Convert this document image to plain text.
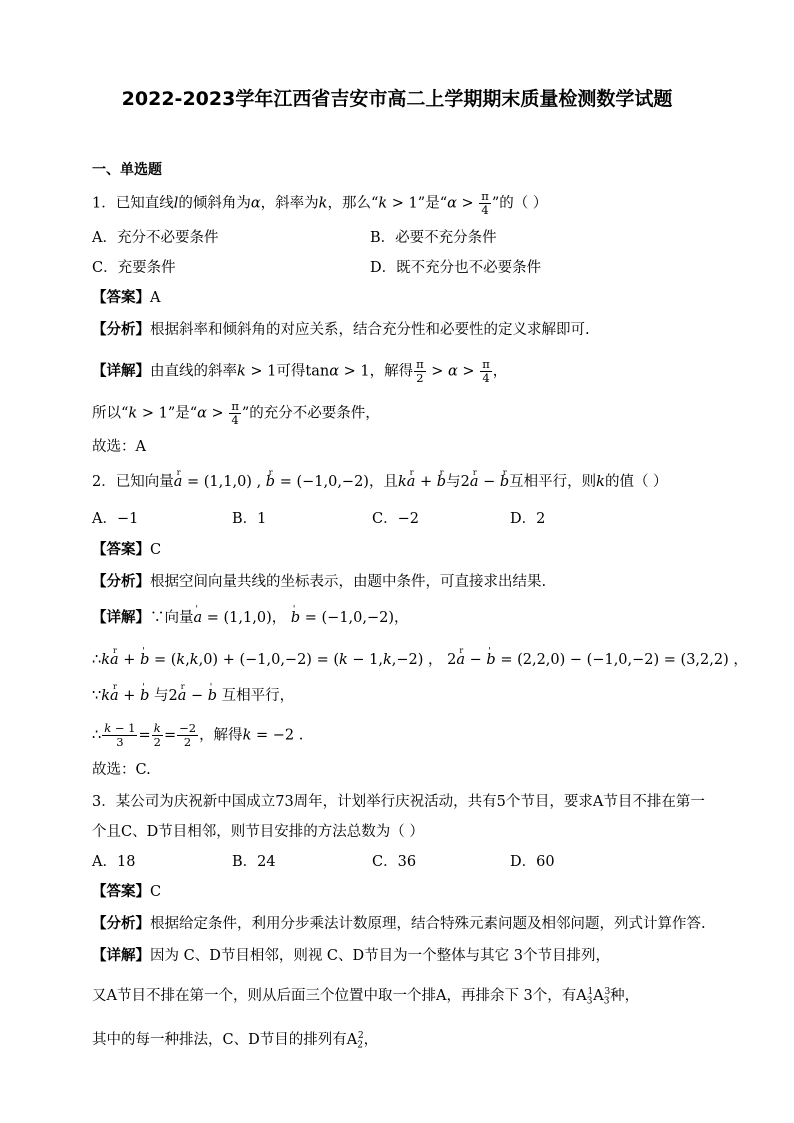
2022-2023学年江西省吉安市高二上学期期末质量检测数学试题
一、单选题
1．已知直线l的倾斜角为α，斜率为k，那么“k > 1”是“$\alpha > \frac{\pi}{4}$ ”的（ ）
A．充分不必要条件	B．必要不充分条件
C．充要条件	D．既不充分也不必要条件
【答案】A
【分析】根据斜率和倾斜角的对应关系，结合充分性和必要性的定义求解即可.
【详解】由直线的斜率k > 1可得tanα > 1，解得 $\frac{\pi}{2} > \alpha > \frac{\pi}{4}$ ，
所以“k > 1”是“$\alpha > \frac{\pi}{4}$ ”的充分不必要条件，
故选：A
2．已知向量r a = (1,1,0) , r b = (−1,0,−2)，且kr a + r b与2r a − r b互相平行，则k的值（ ）
A．−1	B．1	C．−2	D．2
【答案】C
【分析】根据空间向量共线的坐标表示，由题中条件，可直接求出结果.
【详解】∵向量' a = (1,1,0)， ' b = (−1,0,−2)，
∴kr a + ' b = (k,k,0) + (−1,0,−2) = (k − 1,k,−2) ， 2r a − ' b = (2,2,0) − (−1,0,−2) = (3,2,2) ，
∵kr a + ' b 与2r a − ' b 互相平行，
∴ $\frac{k - 1}{3} = \frac{k}{2} = \frac{-2}{2}$ ，解得k = −2 .
故选：C.
3．某公司为庆祝新中国成立73周年，计划举行庆祝活动，共有5个节目，要求A节目不排在第一
个且C、D节目相邻，则节目安排的方法总数为（ ）
A．18	B．24	C．36	D．60
【答案】C
【分析】根据给定条件，利用分步乘法计数原理，结合特殊元素问题及相邻问题，列式计算作答.
【详解】因为 C、D节目相邻，则视 C、D节目为一个整体与其它 3个节目排列，
又A节目不排在第一个，则从后面三个位置中取一个排A，再排余下 3个，有$A_3^1A_3^3$种，
其中的每一种排法，C、D节目的排列有$A_2^2$，
